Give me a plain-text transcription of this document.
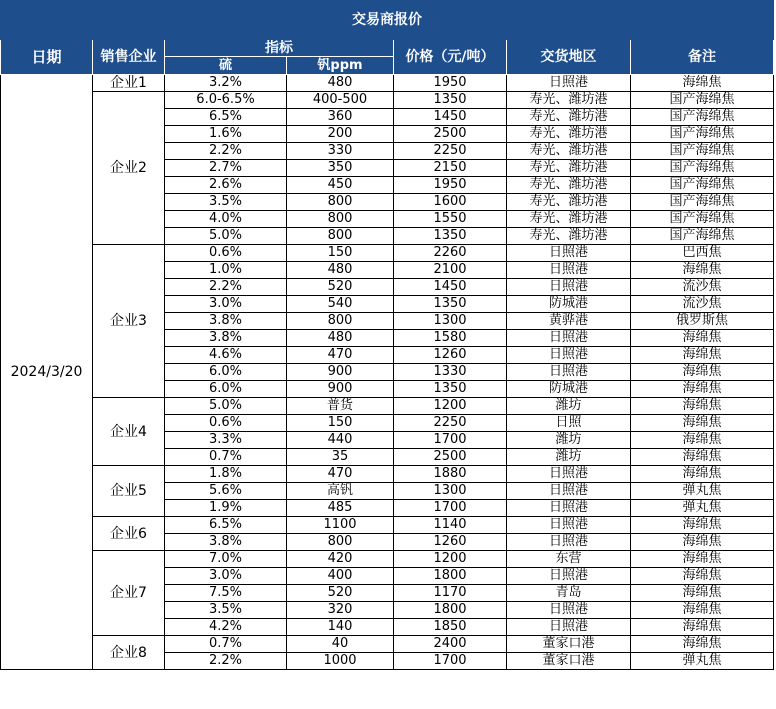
交易商报价						
日期	销售企业	指标		价格（元/吨）	交货地区	备注
		硫	钒ppm			
2024/3/20	企业1	3.2%	480	1950	日照港	海绵焦
	企业2	6.0-6.5%	400-500	1350	寿光、潍坊港	国产海绵焦
		6.5%	360	1450	寿光、潍坊港	国产海绵焦
		1.6%	200	2500	寿光、潍坊港	国产海绵焦
		2.2%	330	2250	寿光、潍坊港	国产海绵焦
		2.7%	350	2150	寿光、潍坊港	国产海绵焦
		2.6%	450	1950	寿光、潍坊港	国产海绵焦
		3.5%	800	1600	寿光、潍坊港	国产海绵焦
		4.0%	800	1550	寿光、潍坊港	国产海绵焦
		5.0%	800	1350	寿光、潍坊港	国产海绵焦
	企业3	0.6%	150	2260	日照港	巴西焦
		1.0%	480	2100	日照港	海绵焦
		2.2%	520	1450	日照港	流沙焦
		3.0%	540	1350	防城港	流沙焦
		3.8%	800	1300	黄骅港	俄罗斯焦
		3.8%	480	1580	日照港	海绵焦
		4.6%	470	1260	日照港	海绵焦
		6.0%	900	1330	日照港	海绵焦
		6.0%	900	1350	防城港	海绵焦
	企业4	5.0%	普货	1200	潍坊	海绵焦
		0.6%	150	2250	日照	海绵焦
		3.3%	440	1700	潍坊	海绵焦
		0.7%	35	2500	潍坊	海绵焦
	企业5	1.8%	470	1880	日照港	海绵焦
		5.6%	高钒	1300	日照港	弹丸焦
		1.9%	485	1700	日照港	弹丸焦
	企业6	6.5%	1100	1140	日照港	海绵焦
		3.8%	800	1260	日照港	海绵焦
	企业7	7.0%	420	1200	东营	海绵焦
		3.0%	400	1800	日照港	海绵焦
		7.5%	520	1170	青岛	海绵焦
		3.5%	320	1800	日照港	海绵焦
		4.2%	140	1850	日照港	海绵焦
	企业8	0.7%	40	2400	董家口港	海绵焦
		2.2%	1000	1700	董家口港	弹丸焦
